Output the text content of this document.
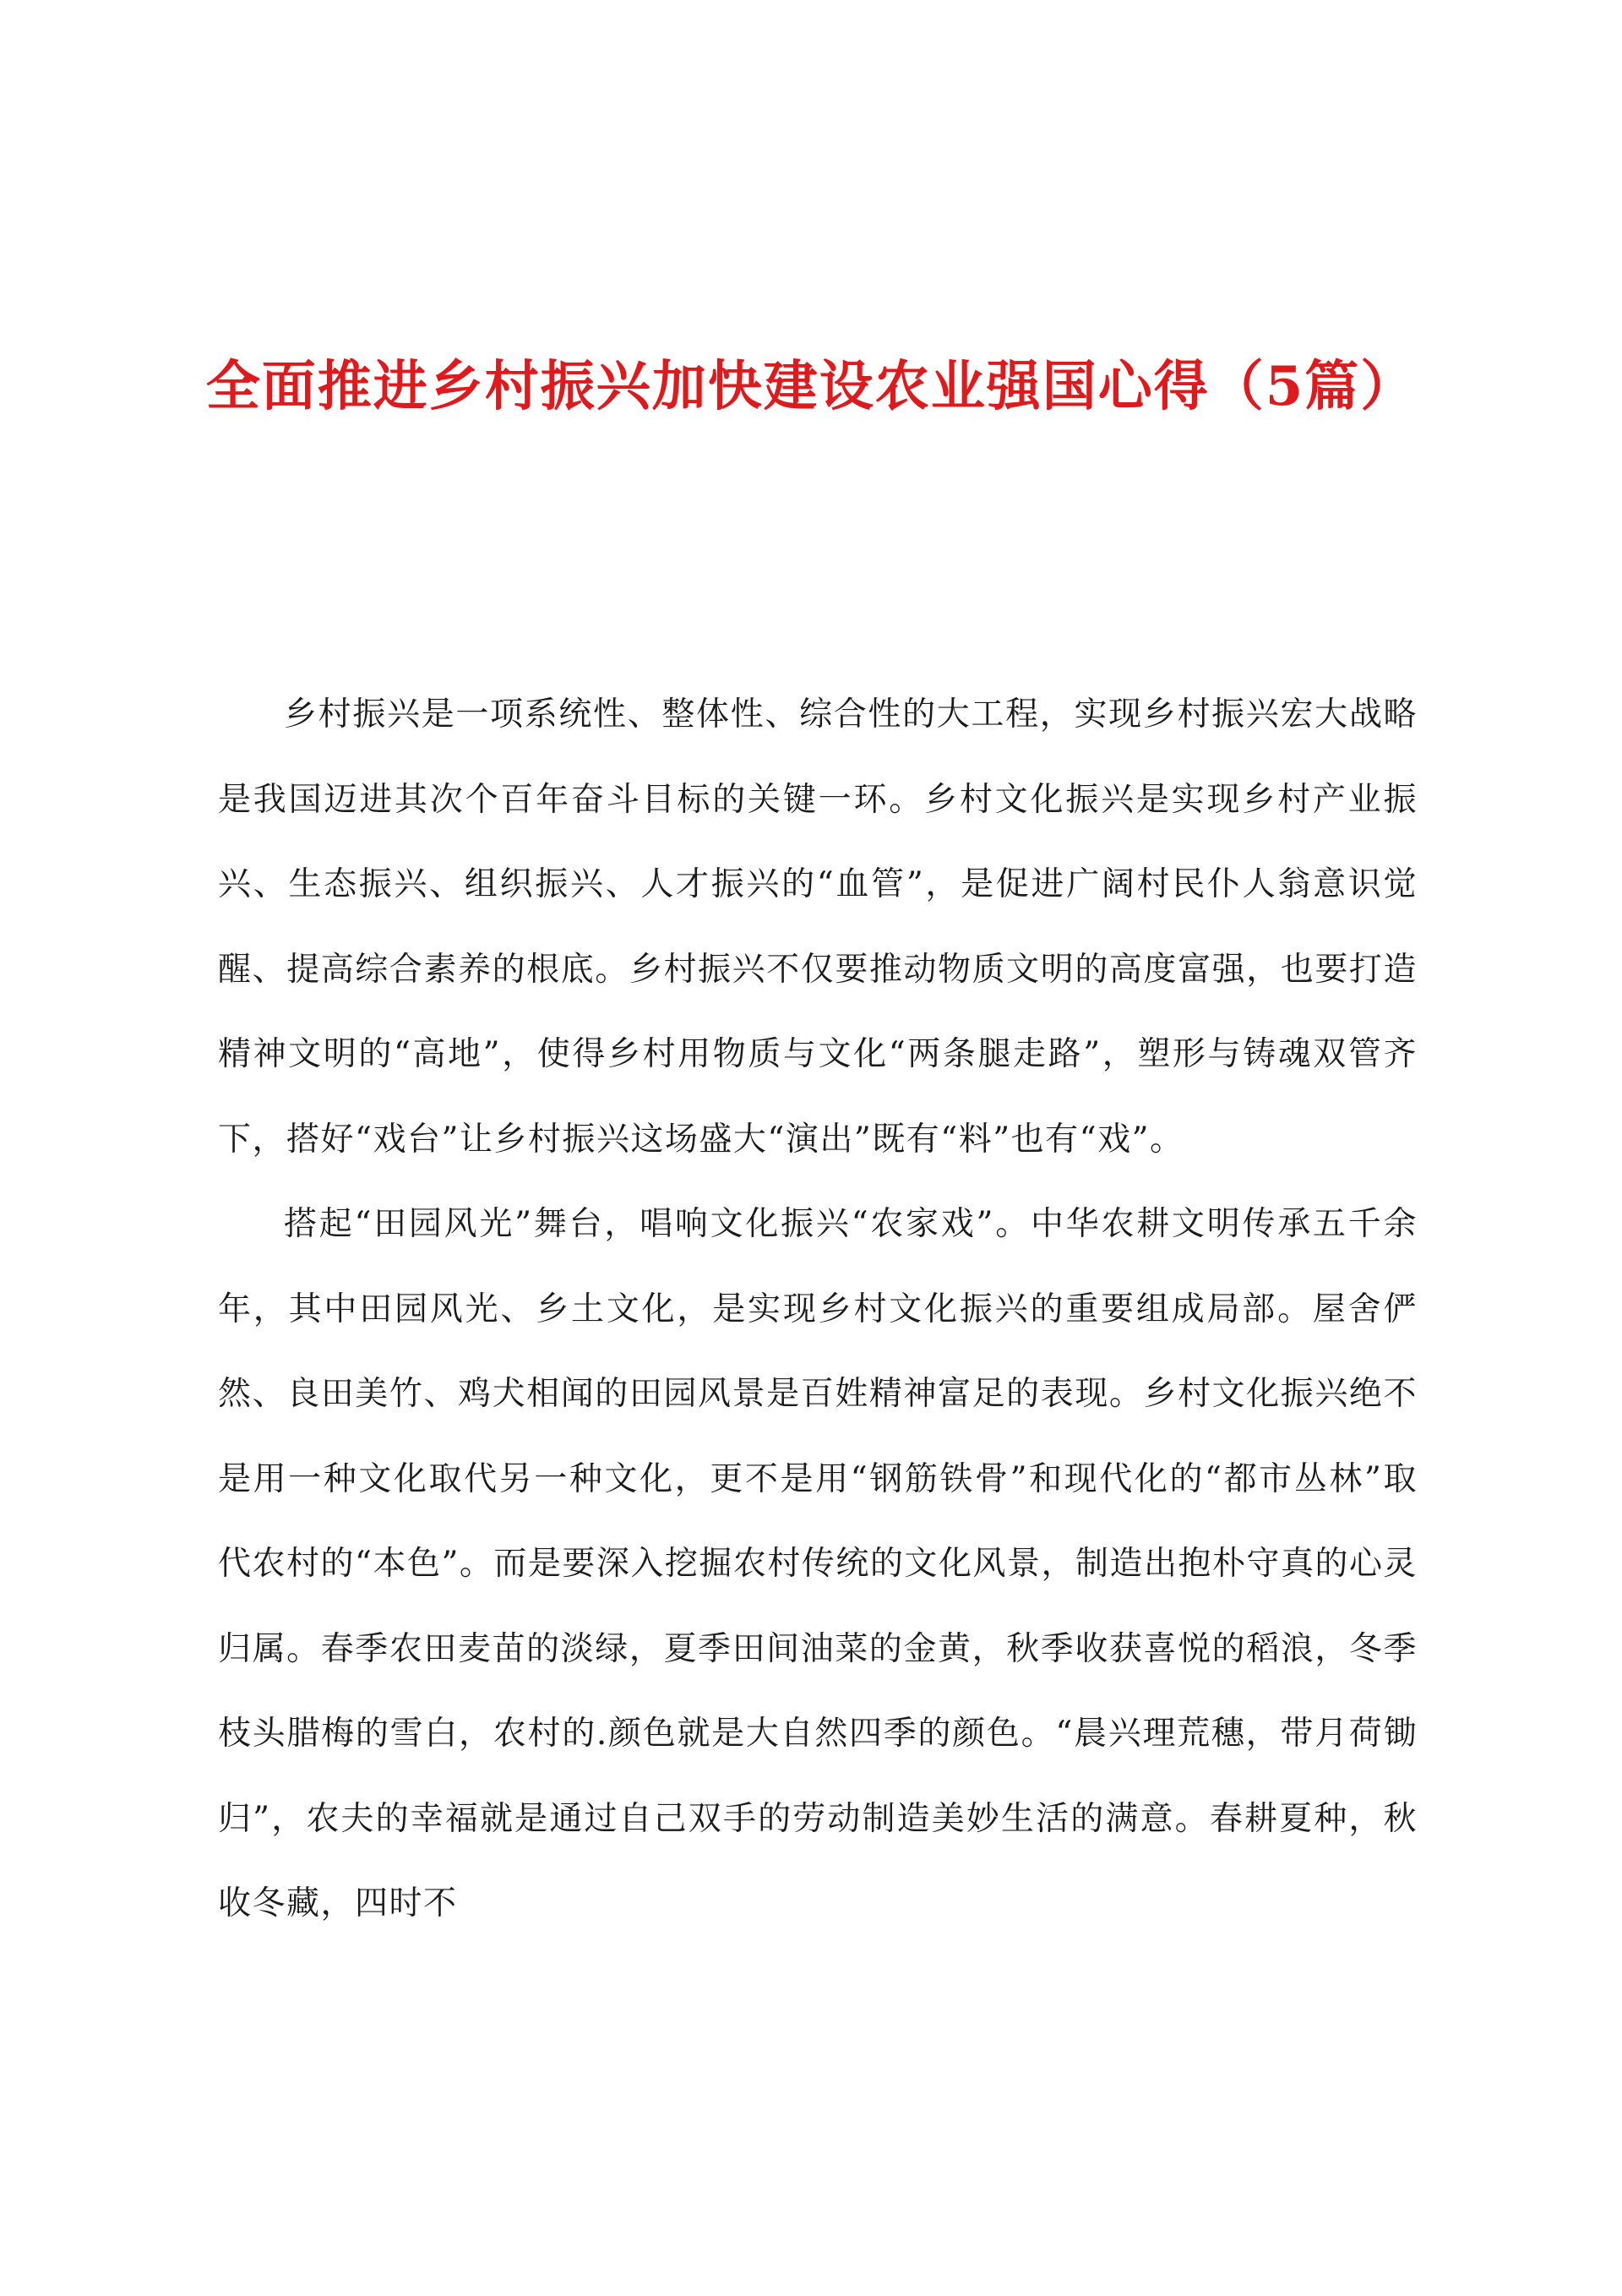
全面推进乡村振兴加快建设农业强国心得（5篇）

乡村振兴是一项系统性、整体性、综合性的大工程，实现乡村振兴宏大战略是我国迈进其次个百年奋斗目标的关键一环。乡村文化振兴是实现乡村产业振兴、生态振兴、组织振兴、人才振兴的“血管”，是促进广阔村民仆人翁意识觉醒、提高综合素养的根底。乡村振兴不仅要推动物质文明的高度富强，也要打造精神文明的“高地”，使得乡村用物质与文化“两条腿走路”，塑形与铸魂双管齐下，搭好“戏台”让乡村振兴这场盛大“演出”既有“料”也有“戏”。

搭起“田园风光”舞台，唱响文化振兴“农家戏”。中华农耕文明传承五千余年，其中田园风光、乡土文化，是实现乡村文化振兴的重要组成局部。屋舍俨然、良田美竹、鸡犬相闻的田园风景是百姓精神富足的表现。乡村文化振兴绝不是用一种文化取代另一种文化，更不是用“钢筋铁骨”和现代化的“都市丛林”取代农村的“本色”。而是要深入挖掘农村传统的文化风景，制造出抱朴守真的心灵归属。春季农田麦苗的淡绿，夏季田间油菜的金黄，秋季收获喜悦的稻浪，冬季枝头腊梅的雪白，农村的.颜色就是大自然四季的颜色。“晨兴理荒穗，带月荷锄归”，农夫的幸福就是通过自己双手的劳动制造美妙生活的满意。春耕夏种，秋收冬藏，四时不
